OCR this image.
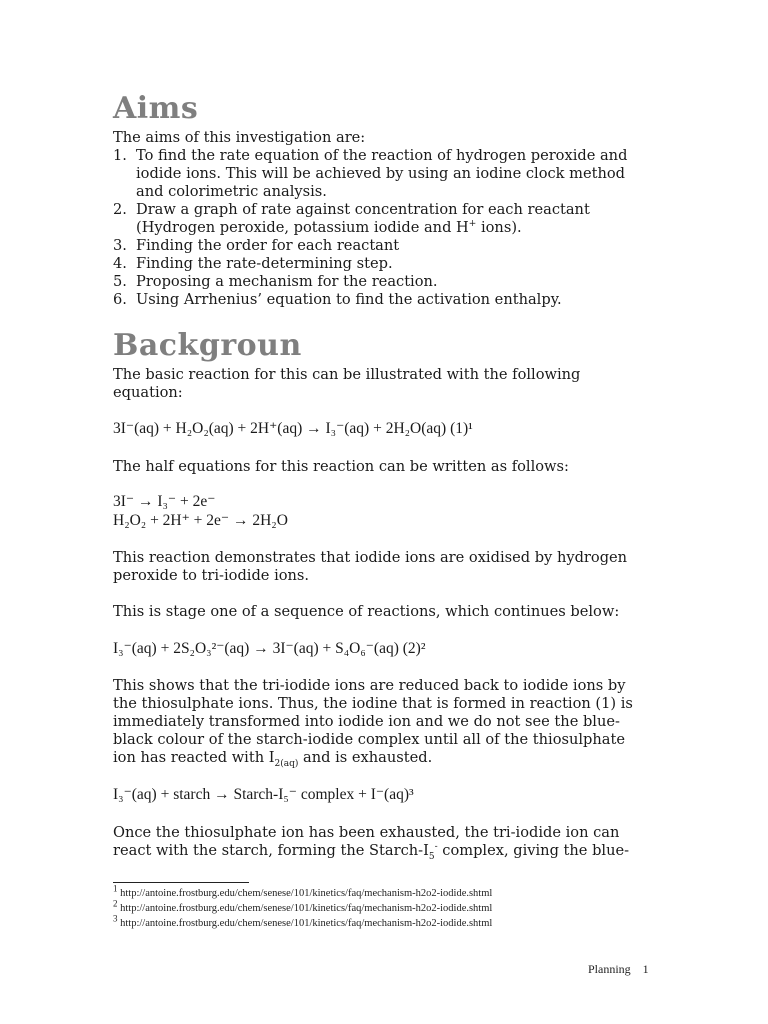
Aims

The aims of this investigation are:

1. To find the rate equation of the reaction of hydrogen peroxide and
iodide ions. This will be achieved by using an iodine clock method
and colorimetric analysis.
2. Draw a graph of rate against concentration for each reactant
(Hydrogen peroxide, potassium iodide and H+ ions).
3. Finding the order for each reactant
4. Finding the rate-determining step.
5. Proposing a mechanism for the reaction.
6. Using Arrhenius’ equation to find the activation enthalpy.
Backgroun

The basic reaction for this can be illustrated with the following
equation:

3I⁻(aq) + H₂O₂(aq) + 2H⁺(aq) → I₃⁻(aq) + 2H₂O(aq) (1)¹
The half equations for this reaction can be written as follows:
3I⁻ → I₃⁻ + 2e⁻
H₂O₂ + 2H⁺ + 2e⁻ → 2H₂O

This reaction demonstrates that iodide ions are oxidised by hydrogen
peroxide to tri-iodide ions.

This is stage one of a sequence of reactions, which continues below:
I₃⁻(aq) + 2S₂O₃²⁻(aq) → 3I⁻(aq) + S₄O₆⁻(aq) (2)²

This shows that the tri-iodide ions are reduced back to iodide ions by
the thiosulphate ions. Thus, the iodine that is formed in reaction (1) is
immediately transformed into iodide ion and we do not see the blue-
black colour of the starch-iodide complex until all of the thiosulphate
ion has reacted with $I_{2(aq)}$ and is exhausted.

I₃⁻(aq) + starch → Starch-I₅⁻ complex + I⁻(aq)³

Once the thiosulphate ion has been exhausted, the tri-iodide ion can
react with the starch, forming the Starch-$I_5^-$ complex, giving the blue-

$^1$ http://antoine.frostburg.edu/chem/senese/101/kinetics/faq/mechanism-h2o2-iodide.shtml
$^2$ http://antoine.frostburg.edu/chem/senese/101/kinetics/faq/mechanism-h2o2-iodide.shtml
$^3$ http://antoine.frostburg.edu/chem/senese/101/kinetics/faq/mechanism-h2o2-iodide.shtml
Planning 1
